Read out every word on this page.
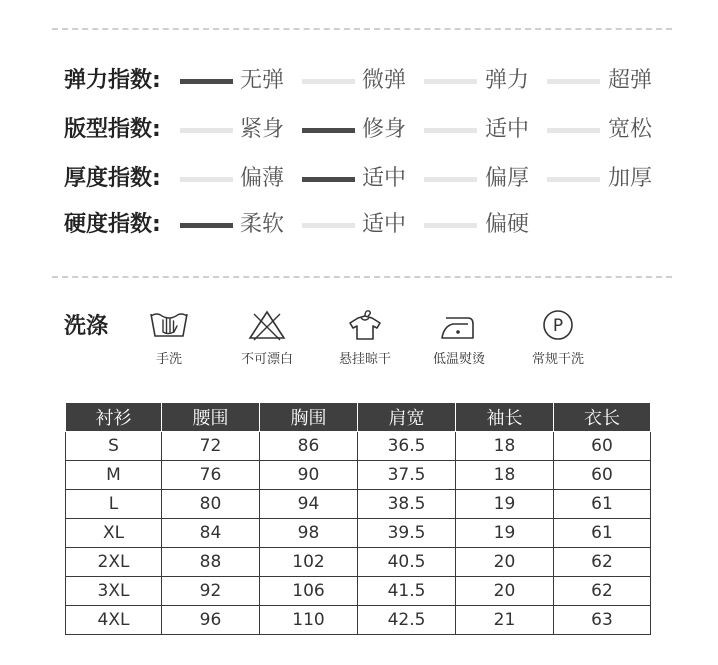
弹力指数:	无弹	微弹	弹力	超弹
版型指数:	紧身	修身	适中	宽松
厚度指数:	偏薄	适中	偏厚	加厚
硬度指数:	柔软	适中	偏硬
洗涤
手洗	不可漂白	悬挂晾干	低温熨烫
P
常规干洗
衬衫	腰围	胸围	肩宽	袖长	衣长
S	72	86	36.5	18	60
M	76	90	37.5	18	60
L	80	94	38.5	19	61
XL	84	98	39.5	19	61
2XL	88	102	40.5	20	62
3XL	92	106	41.5	20	62
4XL	96	110	42.5	21	63
